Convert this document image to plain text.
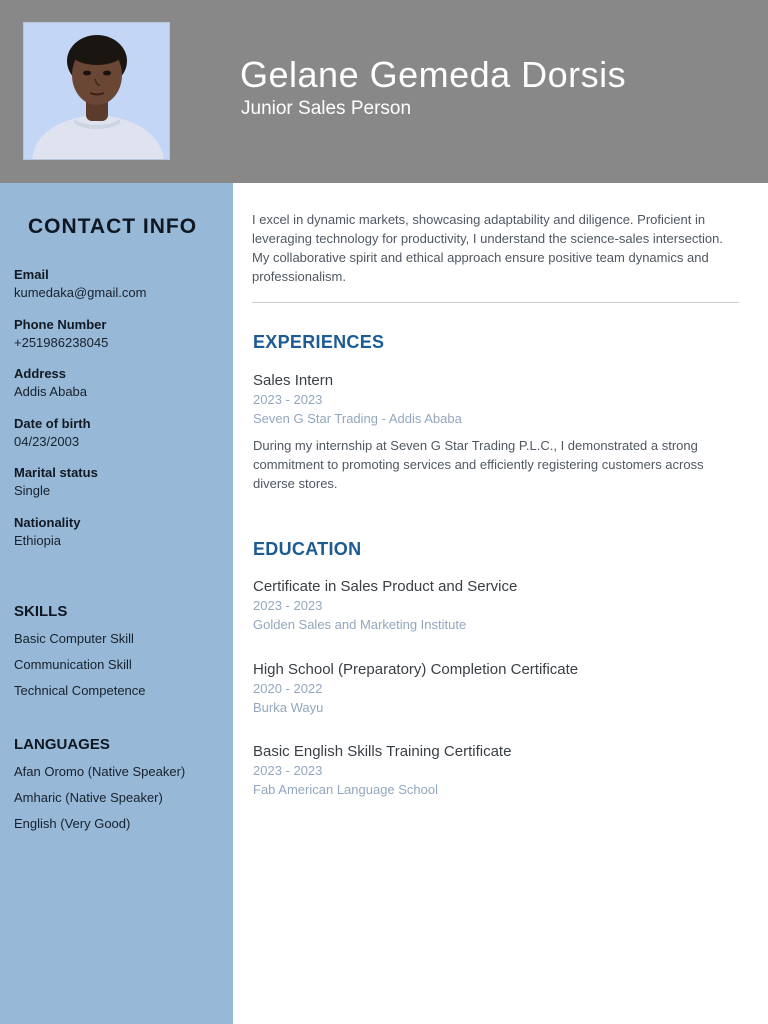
Gelane Gemeda Dorsis
Junior Sales Person
CONTACT INFO
Email
kumedaka@gmail.com
Phone Number
+251986238045
Address
Addis Ababa
Date of birth
04/23/2003
Marital status
Single
Nationality
Ethiopia
SKILLS
Basic Computer Skill
Communication Skill
Technical Competence
LANGUAGES
Afan Oromo (Native Speaker)
Amharic (Native Speaker)
English (Very Good)
I excel in dynamic markets, showcasing adaptability and diligence. Proficient in leveraging technology for productivity, I understand the science-sales intersection. My collaborative spirit and ethical approach ensure positive team dynamics and professionalism.
EXPERIENCES
Sales Intern
2023 - 2023
Seven G Star Trading - Addis Ababa
During my internship at Seven G Star Trading P.L.C., I demonstrated a strong commitment to promoting services and efficiently registering customers across diverse stores.
EDUCATION
Certificate in Sales Product and Service
2023 - 2023
Golden Sales and Marketing Institute
High School (Preparatory) Completion Certificate
2020 - 2022
Burka Wayu
Basic English Skills Training Certificate
2023 - 2023
Fab American Language School
